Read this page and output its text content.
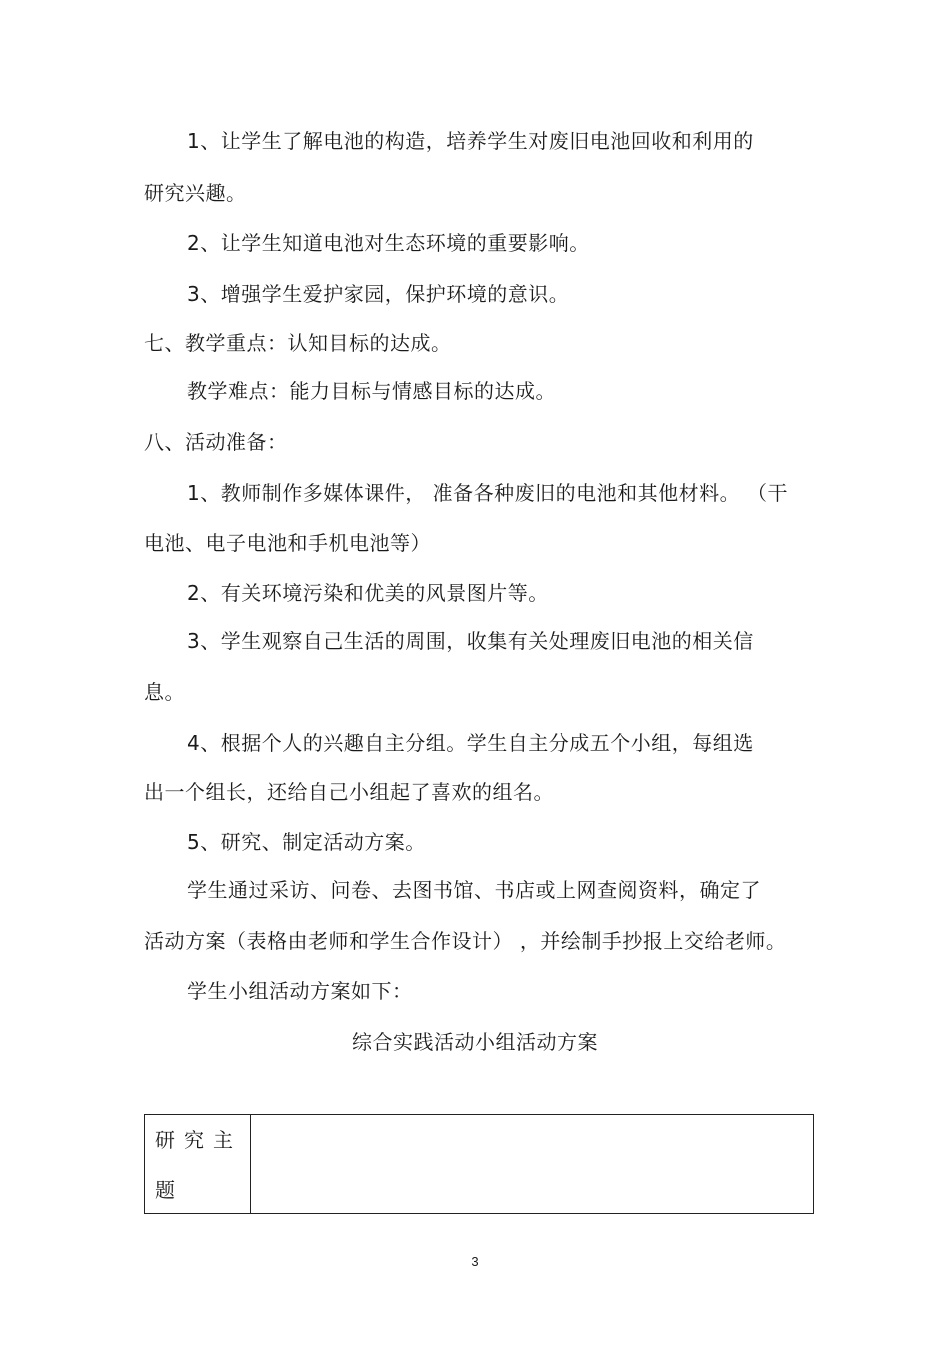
1、让学生了解电池的构造，培养学生对废旧电池回收和利用的
研究兴趣。
2、让学生知道电池对生态环境的重要影响。
3、增强学生爱护家园，保护环境的意识。
七、教学重点：认知目标的达成。
教学难点：能力目标与情感目标的达成。
八、活动准备：
1、教师制作多媒体课件， 准备各种废旧的电池和其他材料。 （干
电池、电子电池和手机电池等）
2、有关环境污染和优美的风景图片等。
3、学生观察自己生活的周围，收集有关处理废旧电池的相关信
息。
4、根据个人的兴趣自主分组。学生自主分成五个小组，每组选
出一个组长，还给自己小组起了喜欢的组名。
5、研究、制定活动方案。
学生通过采访、问卷、去图书馆、书店或上网查阅资料，确定了
活动方案（表格由老师和学生合作设计） ，并绘制手抄报上交给老师。
学生小组活动方案如下：
综合实践活动小组活动方案
研究主
题

3
